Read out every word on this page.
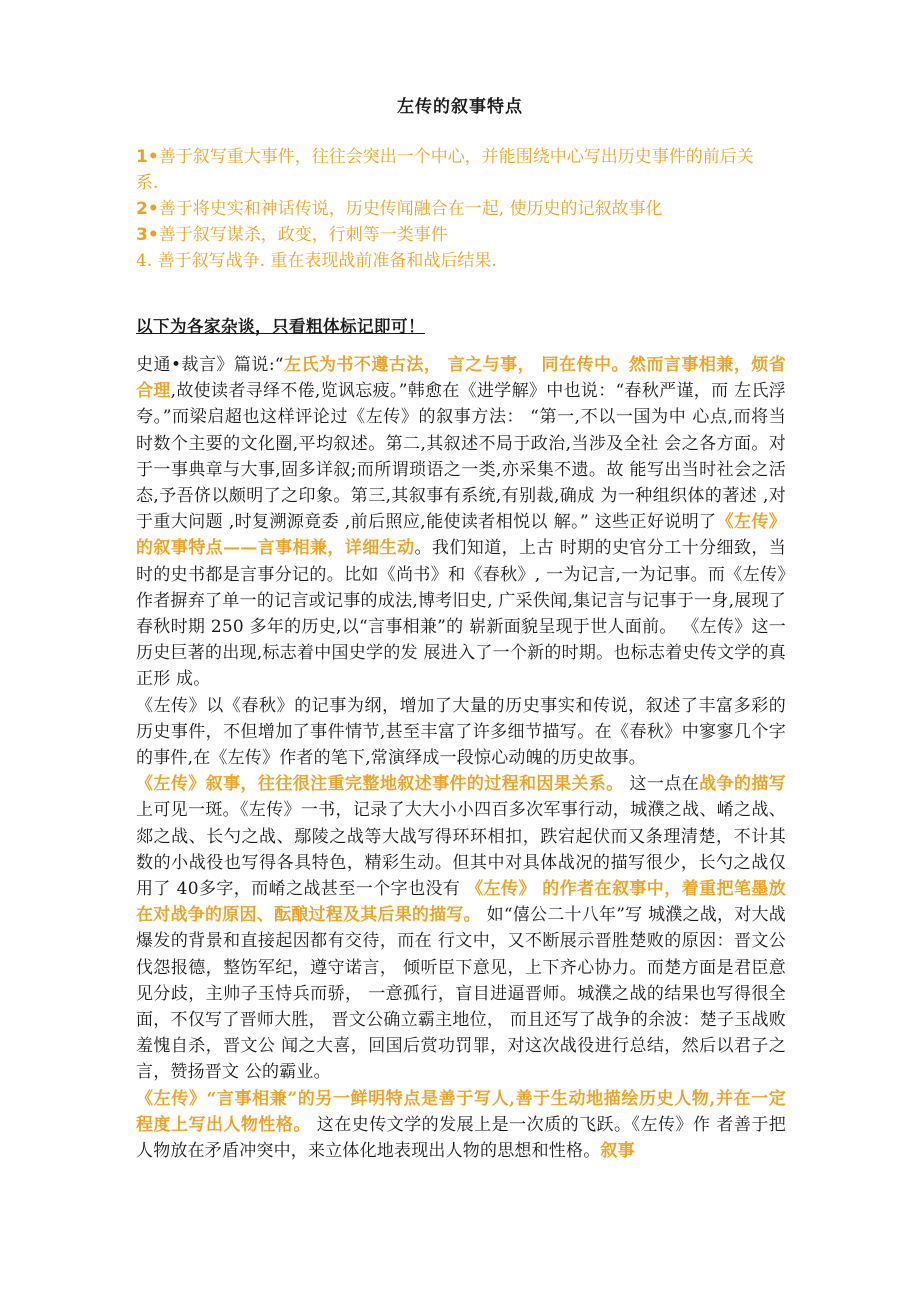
左传的叙事特点
1•善于叙写重大事件，往往会突出一个中心，并能围绕中心写出历史事件的前后关
系.
2•善于将史实和神话传说，历史传闻融合在一起, 使历史的记叙故事化
3•善于叙写谋杀，政变，行刺等一类事件
4. 善于叙写战争. 重在表现战前准备和战后结果.
以下为各家杂谈，只看粗体标记即可！

史通•裁言》篇说:“左氏为书不遵古法， 言之与事， 同在传中。然而言事相兼，烦省 合理,故使读者寻绎不倦,览讽忘疲。”韩愈在《进学解》中也说：“春秋严谨，而 左氏浮夸。”而梁启超也这样评论过《左传》的叙事方法： “第一,不以一国为中 心点,而将当时数个主要的文化圈,平均叙述。第二,其叙述不局于政治,当涉及全社 会之各方面。对于一事典章与大事,固多详叙;而所谓琐语之一类,亦采集不遗。故 能写出当时社会之活态,予吾侪以颇明了之印象。第三,其叙事有系统,有别裁,确成 为一种组织体的著述 ,对于重大问题 ,时复溯源竟委 ,前后照应,能使读者相悦以 解。” 这些正好说明了《左传》的叙事特点——言事相兼，详细生动。我们知道，上古 时期的史官分工十分细致，当时的史书都是言事分记的。比如《尚书》和《春秋》, 一为记言,一为记事。而《左传》作者摒弃了单一的记言或记事的成法,博考旧史, 广采佚闻,集记言与记事于一身,展现了春秋时期 250 多年的历史,以“言事相兼”的 崭新面貌呈现于世人面前。 《左传》这一历史巨著的出现,标志着中国史学的发 展进入了一个新的时期。也标志着史传文学的真正形 成。

《左传》以《春秋》的记事为纲，增加了大量的历史事实和传说，叙述了丰富多彩的历史事件，不但增加了事件情节,甚至丰富了许多细节描写。在《春秋》中寥寥几个字的事件,在《左传》作者的笔下,常演绎成一段惊心动魄的历史故事。

《左传》叙事，往往很注重完整地叙述事件的过程和因果关系。 这一点在战争的描写上可见一斑。《左传》一书，记录了大大小小四百多次军事行动，城濮之战、崤之战、郯之战、长勺之战、鄢陵之战等大战写得环环相扣，跌宕起伏而又条理清楚，不计其数的小战役也写得各具特色，精彩生动。但其中对具体战况的描写很少，长勺之战仅用了 40多字，而崤之战甚至一个字也没有 《左传》 的作者在叙事中，着重把笔墨放在对战争的原因、酝酿过程及其后果的描写。 如“僖公二十八年”写 城濮之战，对大战爆发的背景和直接起因都有交待，而在 行文中，又不断展示晋胜楚败的原因：晋文公伐怨报德，整饬军纪，遵守诺言， 倾听臣下意见，上下齐心协力。而楚方面是君臣意见分歧，主帅子玉恃兵而骄， 一意孤行，盲目进逼晋师。城濮之战的结果也写得很全面，不仅写了晋师大胜， 晋文公确立霸主地位， 而且还写了战争的余波：楚子玉战败羞愧自杀，晋文公 闻之大喜，回国后赏功罚罪，对这次战役进行总结，然后以君子之言，赞扬晋文 公的霸业。

《左传》“言事相兼”的另一鲜明特点是善于写人,善于生动地描绘历史人物,并在一定程度上写出人物性格。 这在史传文学的发展上是一次质的飞跃。《左传》作 者善于把人物放在矛盾冲突中，来立体化地表现出人物的思想和性格。叙事
